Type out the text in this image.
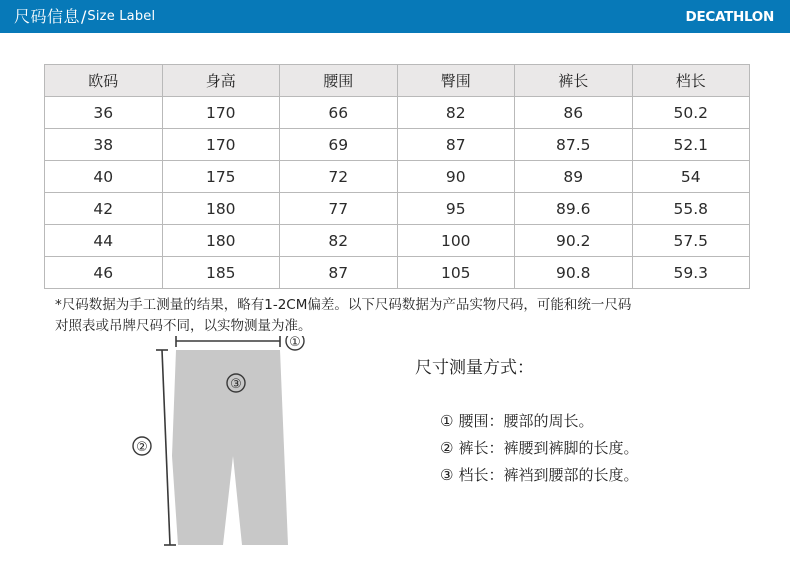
尺码信息 / Size Label	DECATHLON
欧码	身高	腰围	臀围	裤长	档长
36	170	66	82	86	50.2
38	170	69	87	87.5	52.1
40	175	72	90	89	54
42	180	77	95	89.6	55.8
44	180	82	100	90.2	57.5
46	185	87	105	90.8	59.3
*尺码数据为手工测量的结果，略有1-2CM偏差。以下尺码数据为产品实物尺码，可能和统一尺码
对照表或吊牌尺码不同，以实物测量为准。
①
②
③
尺寸测量方式：
① 腰围：腰部的周长。
② 裤长：裤腰到裤脚的长度。
③ 档长：裤裆到腰部的长度。
